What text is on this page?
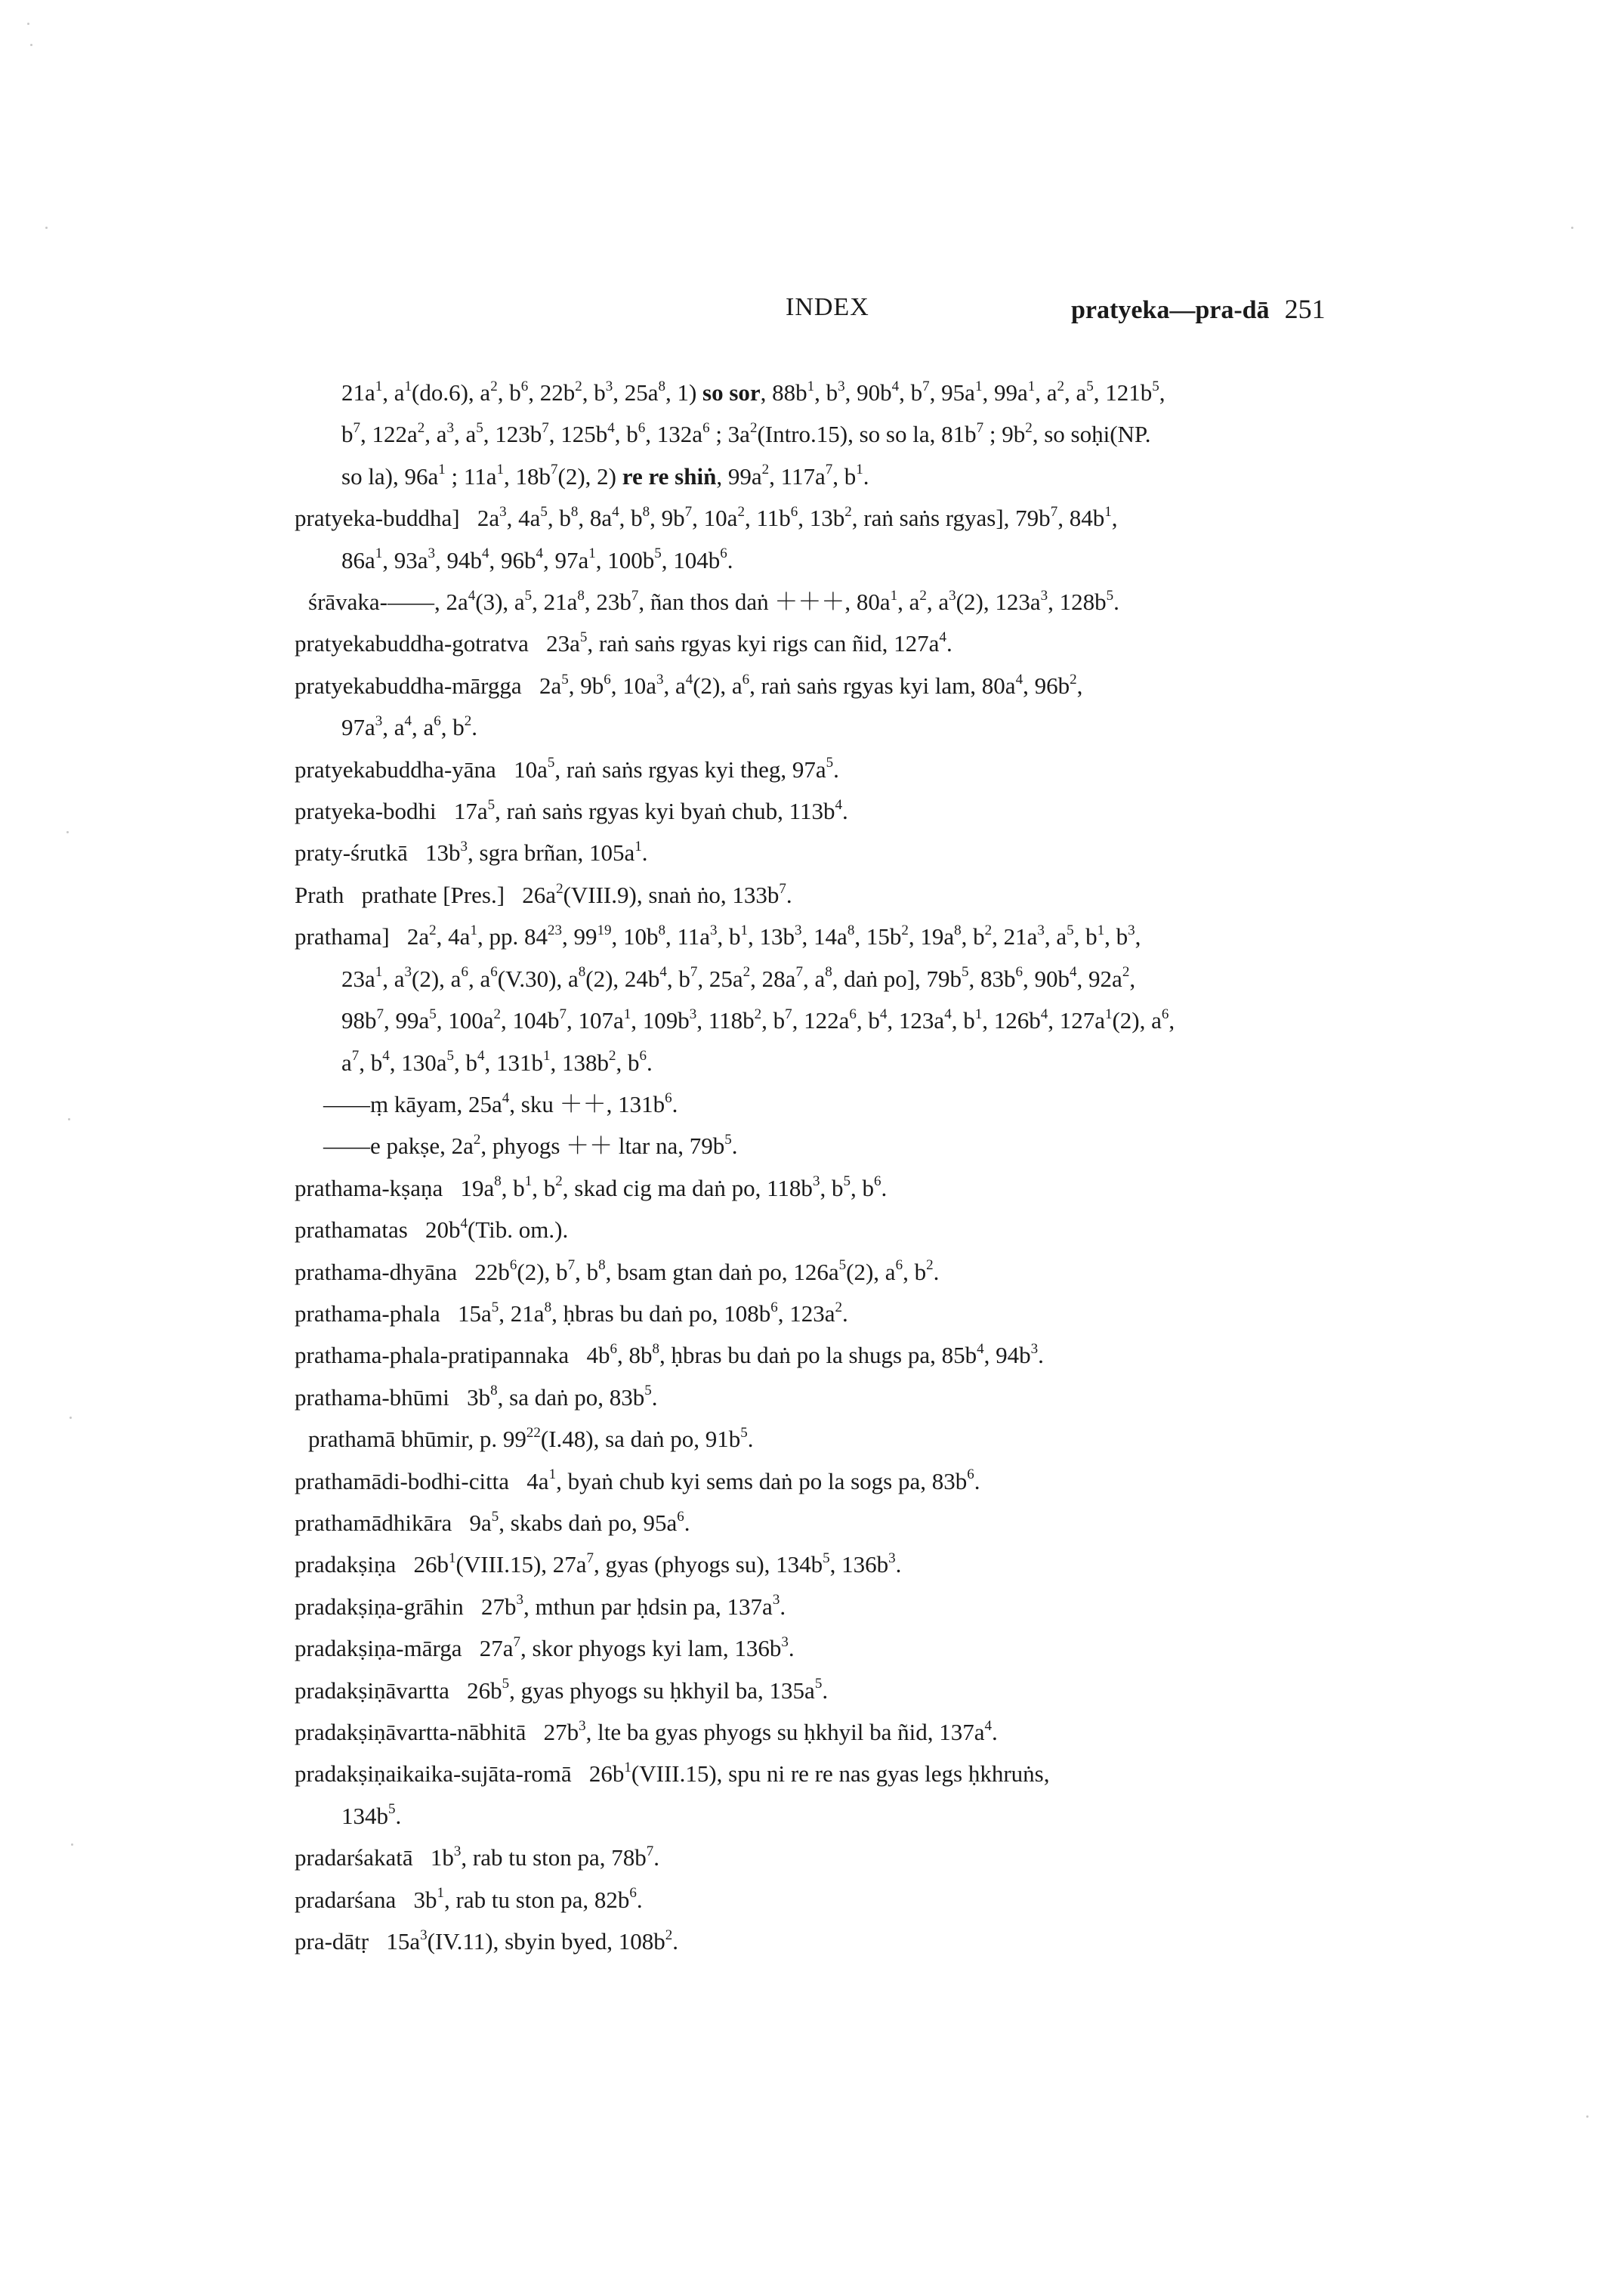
INDEX	pratyeka—pra-dā 251
$21a^1$, $a^1(do.6)$, $a^2$, $b^6$, $22b^2$, $b^3$, $25a^8$, 1) so sor, $88b^1$, $b^3$, $90b^4$, $b^7$, $95a^1$, $99a^1$, $a^2$, $a^5$, $121b^5$,
$b^7$, $122a^2$, $a^3$, $a^5$, $123b^7$, $125b^4$, $b^6$, $132a^6$ ; $3a^2(Intro.15)$, so so la, $81b^7$ ; $9b^2$, so soḥi(NP.
so la), $96a^1$ ; $11a^1$, $18b^7(2)$, 2) re re shiṅ, $99a^2$, $117a^7$, $b^1$.
pratyeka-buddha]   $2a^3$, $4a^5$, $b^8$, $8a^4$, $b^8$, $9b^7$, $10a^2$, $11b^6$, $13b^2$, raṅ saṅs rgyas], $79b^7$, $84b^1$,
$86a^1$, $93a^3$, $94b^4$, $96b^4$, $97a^1$, $100b^5$, $104b^6$.
śrāvaka-——, $2a^4(3)$, $a^5$, $21a^8$, $23b^7$, ñan thos daṅ ＋＋＋, $80a^1$, $a^2$, $a^3(2)$, $123a^3$, $128b^5$.
pratyekabuddha-gotratva   $23a^5$, raṅ saṅs rgyas kyi rigs can ñid, $127a^4$.
pratyekabuddha-mārgga   $2a^5$, $9b^6$, $10a^3$, $a^4(2)$, $a^6$, raṅ saṅs rgyas kyi lam, $80a^4$, $96b^2$,
$97a^3$, $a^4$, $a^6$, $b^2$.
pratyekabuddha-yāna   $10a^5$, raṅ saṅs rgyas kyi theg, $97a^5$.
pratyeka-bodhi   $17a^5$, raṅ saṅs rgyas kyi byaṅ chub, $113b^4$.
praty-śrutkā   $13b^3$, sgra brñan, $105a^1$.
Prath   prathate [Pres.]   $26a^2(VIII.9)$, snaṅ ṅo, $133b^7$.
prathama]   $2a^2$, $4a^1$, pp. $84^{23}$, $99^{19}$, $10b^8$, $11a^3$, $b^1$, $13b^3$, $14a^8$, $15b^2$, $19a^8$, $b^2$, $21a^3$, $a^5$, $b^1$, $b^3$,
$23a^1$, $a^3(2)$, $a^6$, $a^6(V.30)$, $a^8(2)$, $24b^4$, $b^7$, $25a^2$, $28a^7$, $a^8$, daṅ po], $79b^5$, $83b^6$, $90b^4$, $92a^2$,
$98b^7$, $99a^5$, $100a^2$, $104b^7$, $107a^1$, $109b^3$, $118b^2$, $b^7$, $122a^6$, $b^4$, $123a^4$, $b^1$, $126b^4$, $127a^1(2)$, $a^6$,
$a^7$, $b^4$, $130a^5$, $b^4$, $131b^1$, $138b^2$, $b^6$.
——ṃ kāyam, $25a^4$, sku ＋＋, $131b^6$.
——e pakṣe, $2a^2$, phyogs ＋＋ ltar na, $79b^5$.
prathama-kṣaṇa   $19a^8$, $b^1$, $b^2$, skad cig ma daṅ po, $118b^3$, $b^5$, $b^6$.
prathamatas   $20b^4(Tib$. om.).
prathama-dhyāna   $22b^6(2)$, $b^7$, $b^8$, bsam gtan daṅ po, $126a^5(2)$, $a^6$, $b^2$.
prathama-phala   $15a^5$, $21a^8$, ḥbras bu daṅ po, $108b^6$, $123a^2$.
prathama-phala-pratipannaka   $4b^6$, $8b^8$, ḥbras bu daṅ po la shugs pa, $85b^4$, $94b^3$.
prathama-bhūmi   $3b^8$, sa daṅ po, $83b^5$.
prathamā bhūmir, p. $99^{22}(I.48)$, sa daṅ po, $91b^5$.
prathamādi-bodhi-citta   $4a^1$, byaṅ chub kyi sems daṅ po la sogs pa, $83b^6$.
prathamādhikāra   $9a^5$, skabs daṅ po, $95a^6$.
pradakṣiṇa   $26b^1(VIII.15)$, $27a^7$, gyas (phyogs su), $134b^5$, $136b^3$.
pradakṣiṇa-grāhin   $27b^3$, mthun par ḥdsin pa, $137a^3$.
pradakṣiṇa-mārga   $27a^7$, skor phyogs kyi lam, $136b^3$.
pradakṣiṇāvartta   $26b^5$, gyas phyogs su ḥkhyil ba, $135a^5$.
pradakṣiṇāvartta-nābhitā   $27b^3$, lte ba gyas phyogs su ḥkhyil ba ñid, $137a^4$.
pradakṣiṇaikaika-sujāta-romā   $26b^1(VIII.15)$, spu ni re re nas gyas legs ḥkhruṅs,
$134b^5$.
pradarśakatā   $1b^3$, rab tu ston pa, $78b^7$.
pradarśana   $3b^1$, rab tu ston pa, $82b^6$.
pra-dātṛ   $15a^3(IV.11)$, sbyin byed, $108b^2$.
